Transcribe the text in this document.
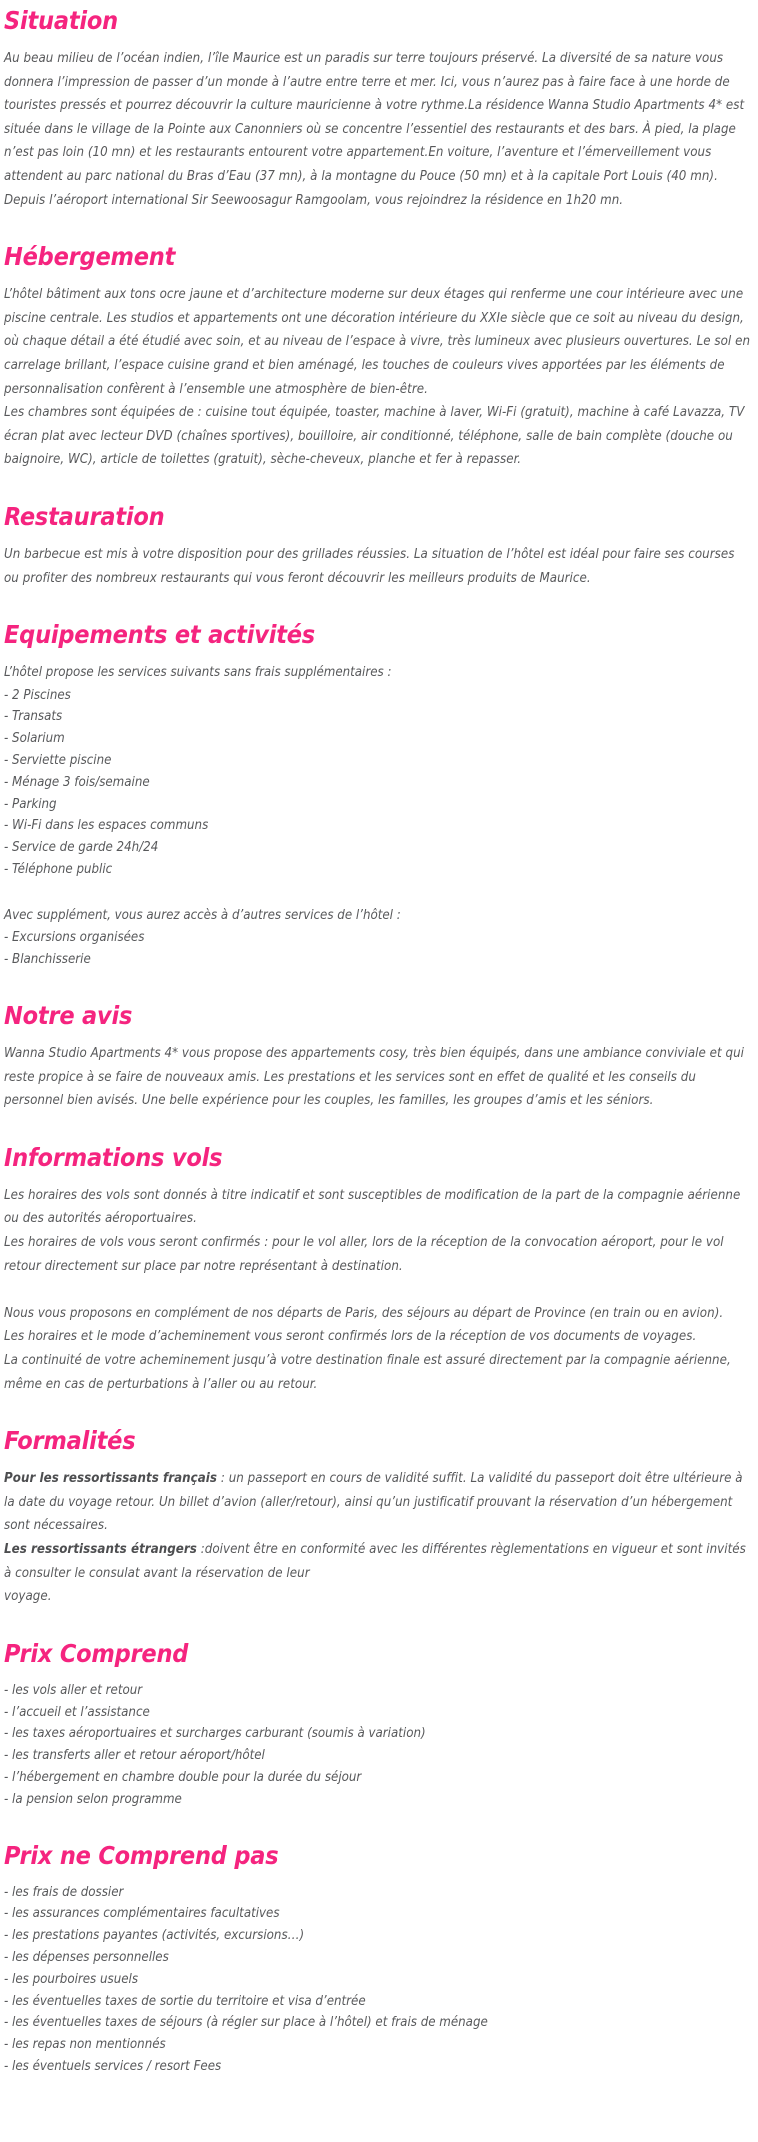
Situation

Au beau milieu de l’océan indien, l’île Maurice est un paradis sur terre toujours préservé. La diversité de sa nature vous donnera l’impression de passer d’un monde à l’autre entre terre et mer. Ici, vous n’aurez pas à faire face à une horde de touristes pressés et pourrez découvrir la culture mauricienne à votre rythme.La résidence Wanna Studio Apartments 4* est située dans le village de la Pointe aux Canonniers où se concentre l’essentiel des restaurants et des bars. À pied, la plage n’est pas loin (10 mn) et les restaurants entourent votre appartement.En voiture, l’aventure et l’émerveillement vous attendent au parc national du Bras d’Eau (37 mn), à la montagne du Pouce (50 mn) et à la capitale Port Louis (40 mn). Depuis l’aéroport international Sir Seewoosagur Ramgoolam, vous rejoindrez la résidence en 1h20 mn.

Hébergement

L’hôtel bâtiment aux tons ocre jaune et d’architecture moderne sur deux étages qui renferme une cour intérieure avec une piscine centrale. Les studios et appartements ont une décoration intérieure du XXIe siècle que ce soit au niveau du design, où chaque détail a été étudié avec soin, et au niveau de l’espace à vivre, très lumineux avec plusieurs ouvertures. Le sol en carrelage brillant, l’espace cuisine grand et bien aménagé, les touches de couleurs vives apportées par les éléments de personnalisation confèrent à l’ensemble une atmosphère de bien-être.

Les chambres sont équipées de : cuisine tout équipée, toaster, machine à laver, Wi-Fi (gratuit), machine à café Lavazza, TV écran plat avec lecteur DVD (chaînes sportives), bouilloire, air conditionné, téléphone, salle de bain complète (douche ou baignoire, WC), article de toilettes (gratuit), sèche-cheveux, planche et fer à repasser.

Restauration

Un barbecue est mis à votre disposition pour des grillades réussies. La situation de l’hôtel est idéal pour faire ses courses ou profiter des nombreux restaurants qui vous feront découvrir les meilleurs produits de Maurice.

Equipements et activités

L’hôtel propose les services suivants sans frais supplémentaires :

- 2 Piscines
- Transats
- Solarium
- Serviette piscine
- Ménage 3 fois/semaine
- Parking
- Wi-Fi dans les espaces communs
- Service de garde 24h/24
- Téléphone public

Avec supplément, vous aurez accès à d’autres services de l’hôtel :

- Excursions organisées
- Blanchisserie
Notre avis

Wanna Studio Apartments 4* vous propose des appartements cosy, très bien équipés, dans une ambiance conviviale et qui reste propice à se faire de nouveaux amis. Les prestations et les services sont en effet de qualité et les conseils du personnel bien avisés. Une belle expérience pour les couples, les familles, les groupes d’amis et les séniors.

Informations vols

Les horaires des vols sont donnés à titre indicatif et sont susceptibles de modification de la part de la compagnie aérienne ou des autorités aéroportuaires.

Les horaires de vols vous seront confirmés : pour le vol aller, lors de la réception de la convocation aéroport, pour le vol retour directement sur place par notre représentant à destination.

Nous vous proposons en complément de nos départs de Paris, des séjours au départ de Province (en train ou en avion).

Les horaires et le mode d’acheminement vous seront confirmés lors de la réception de vos documents de voyages.

La continuité de votre acheminement jusqu’à votre destination finale est assuré directement par la compagnie aérienne, même en cas de perturbations à l’aller ou au retour.

Formalités

Pour les ressortissants français : un passeport en cours de validité suffit. La validité du passeport doit être ultérieure à la date du voyage retour. Un billet d’avion (aller/retour), ainsi qu’un justificatif prouvant la réservation d’un hébergement sont nécessaires.

Les ressortissants étrangers :doivent être en conformité avec les différentes règlementations en vigueur et sont invités à consulter le consulat avant la réservation de leur

voyage.

Prix Comprend
- les vols aller et retour
- l’accueil et l’assistance
- les taxes aéroportuaires et surcharges carburant (soumis à variation)
- les transferts aller et retour aéroport/hôtel
- l’hébergement en chambre double pour la durée du séjour
- la pension selon programme
Prix ne Comprend pas
- les frais de dossier
- les assurances complémentaires facultatives
- les prestations payantes (activités, excursions…)
- les dépenses personnelles
- les pourboires usuels
- les éventuelles taxes de sortie du territoire et visa d’entrée
- les éventuelles taxes de séjours (à régler sur place à l’hôtel) et frais de ménage
- les repas non mentionnés
- les éventuels services / resort Fees
